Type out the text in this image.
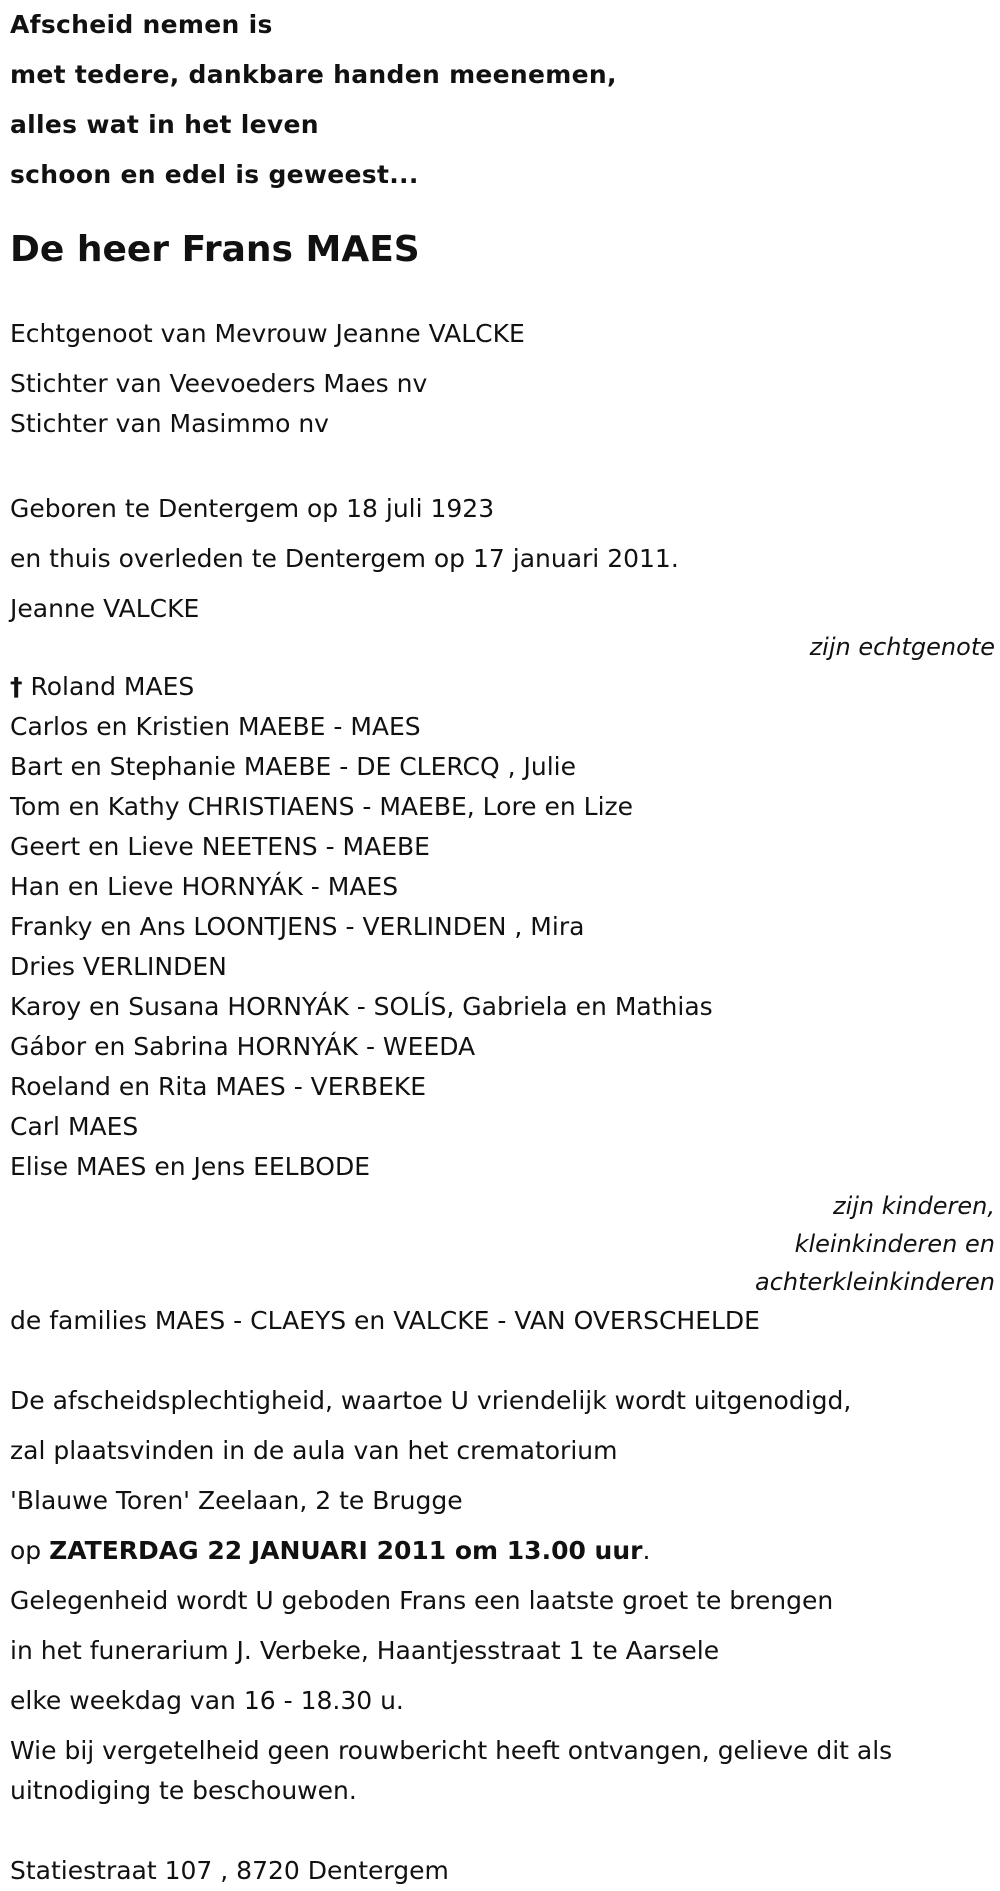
Afscheid nemen is
met tedere, dankbare handen meenemen,
alles wat in het leven
schoon en edel is geweest...
De heer Frans MAES
Echtgenoot van Mevrouw Jeanne VALCKE
Stichter van Veevoeders Maes nv
Stichter van Masimmo nv
Geboren te Dentergem op 18 juli 1923
en thuis overleden te Dentergem op 17 januari 2011.
Jeanne VALCKE
zijn echtgenote
† Roland MAES
Carlos en Kristien MAEBE - MAES
Bart en Stephanie MAEBE - DE CLERCQ , Julie
Tom en Kathy CHRISTIAENS - MAEBE, Lore en Lize
Geert en Lieve NEETENS - MAEBE
Han en Lieve HORNYÁK - MAES
Franky en Ans LOONTJENS - VERLINDEN , Mira
Dries VERLINDEN
Karoy en Susana HORNYÁK - SOLÍS, Gabriela en Mathias
Gábor en Sabrina HORNYÁK - WEEDA
Roeland en Rita MAES - VERBEKE
Carl MAES
Elise MAES en Jens EELBODE
zijn kinderen,
kleinkinderen en
achterkleinkinderen
de families MAES - CLAEYS en VALCKE - VAN OVERSCHELDE
De afscheidsplechtigheid, waartoe U vriendelijk wordt uitgenodigd,
zal plaatsvinden in de aula van het crematorium
'Blauwe Toren' Zeelaan, 2 te Brugge
op ZATERDAG 22 JANUARI 2011 om 13.00 uur.
Gelegenheid wordt U geboden Frans een laatste groet te brengen
in het funerarium J. Verbeke, Haantjesstraat 1 te Aarsele
elke weekdag van 16 - 18.30 u.
Wie bij vergetelheid geen rouwbericht heeft ontvangen, gelieve dit als uitnodiging te beschouwen.
Statiestraat 107 , 8720 Dentergem
